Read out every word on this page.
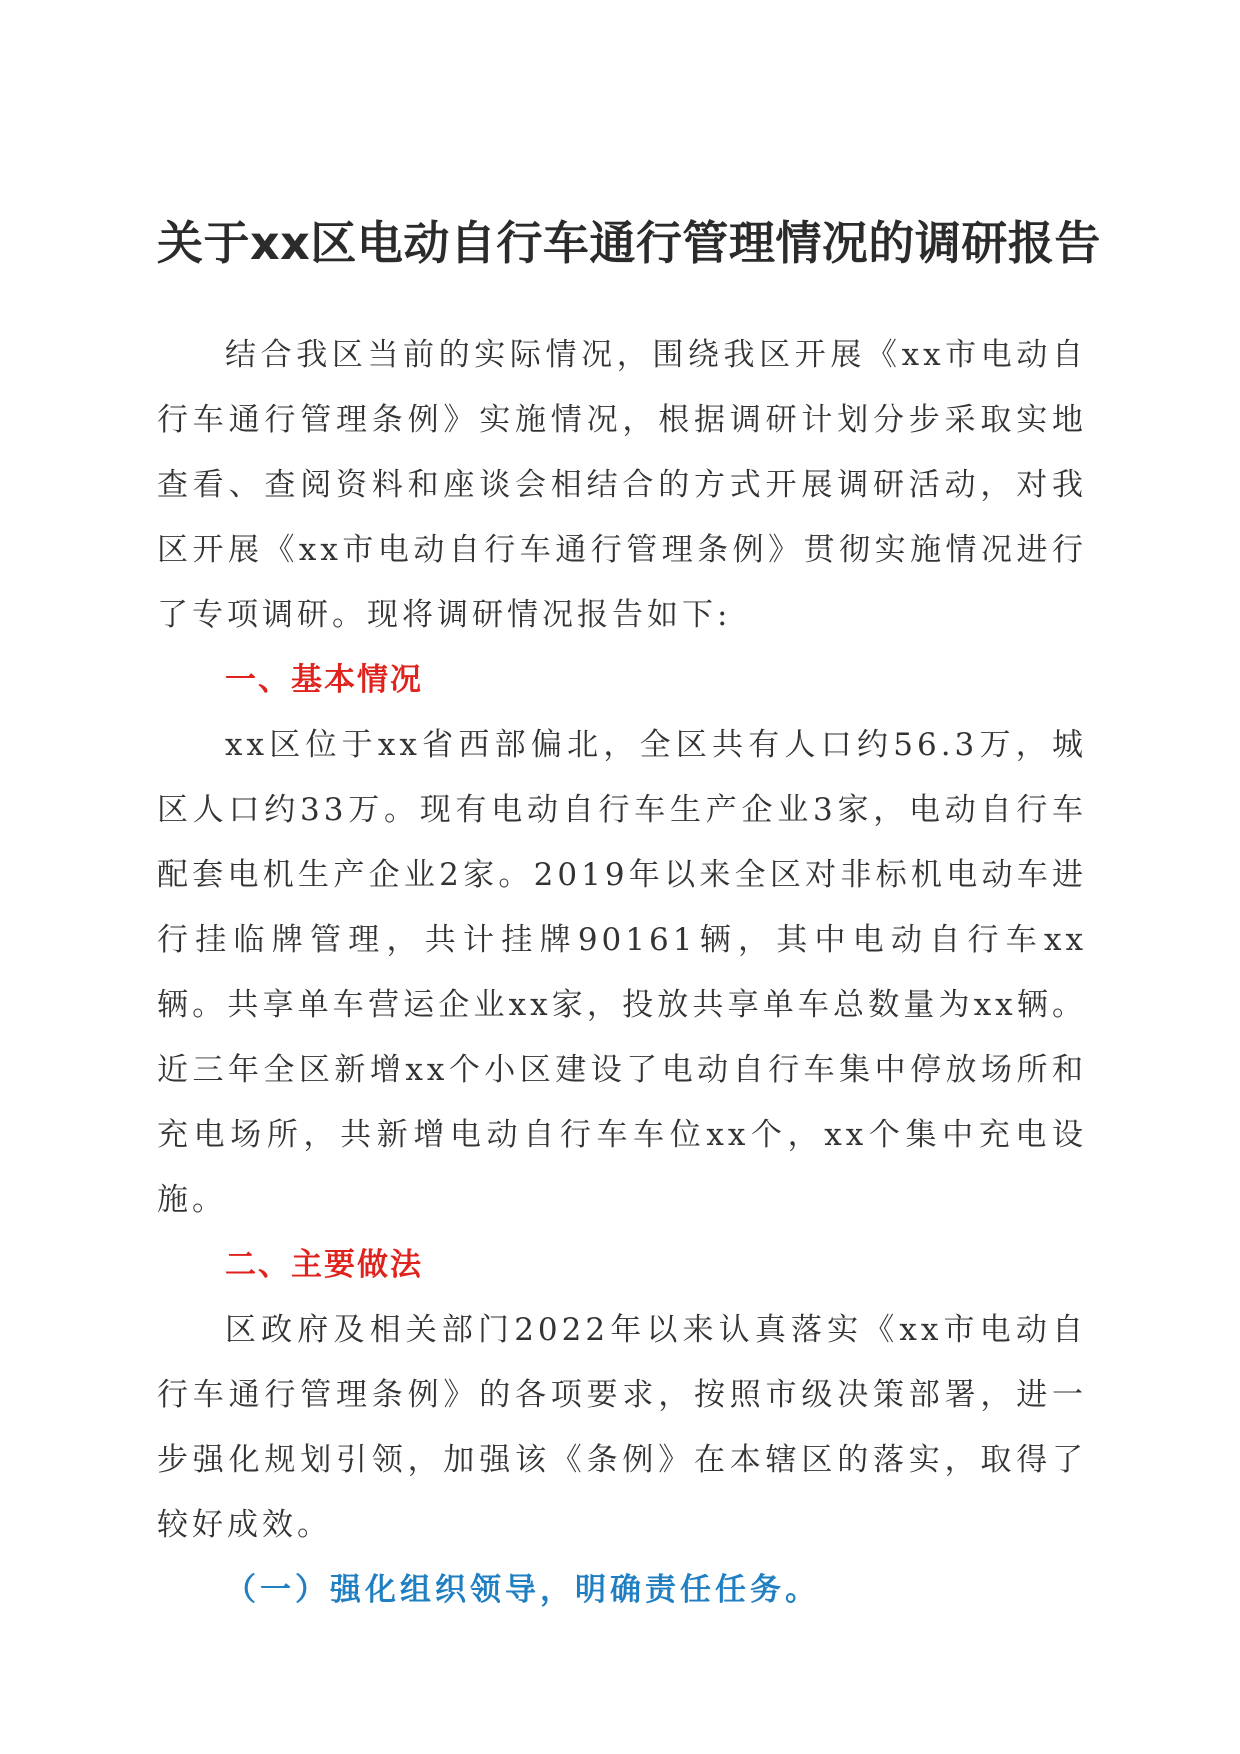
关于xx区电动自行车通行管理情况的调研报告

结合我区当前的实际情况，围绕我区开展《xx市电动自行车通行管理条例》实施情况，根据调研计划分步采取实地查看、查阅资料和座谈会相结合的方式开展调研活动，对我区开展《xx市电动自行车通行管理条例》贯彻实施情况进行了专项调研。现将调研情况报告如下:

一、基本情况

xx区位于xx省西部偏北，全区共有人口约56.3万，城区人口约33万。现有电动自行车生产企业3家，电动自行车配套电机生产企业2家。2019年以来全区对非标机电动车进行挂临牌管理，共计挂牌90161辆，其中电动自行车xx辆。共享单车营运企业xx家，投放共享单车总数量为xx辆。近三年全区新增xx个小区建设了电动自行车集中停放场所和充电场所，共新增电动自行车车位xx个，xx个集中充电设施。

二、主要做法

区政府及相关部门2022年以来认真落实《xx市电动自行车通行管理条例》的各项要求，按照市级决策部署，进一步强化规划引领，加强该《条例》在本辖区的落实，取得了较好成效。

（一）强化组织领导，明确责任任务。
